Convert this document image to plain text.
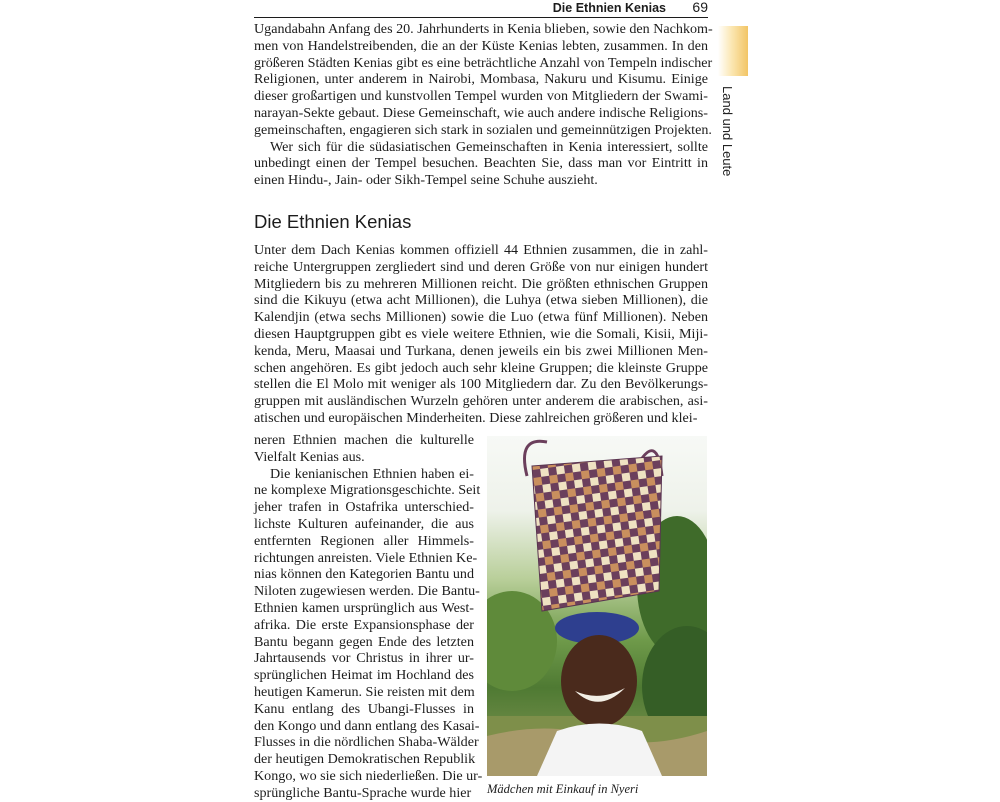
Die Ethnien Kenias 69
Land und Leute

Ugandabahn Anfang des 20. Jahrhunderts in Kenia blieben, sowie den Nachkom-
men von Handelstreibenden, die an der Küste Kenias lebten, zusammen. In den
größeren Städten Kenias gibt es eine beträchtliche Anzahl von Tempeln indischer
Religionen, unter anderem in Nairobi, Mombasa, Nakuru und Kisumu. Einige
dieser großartigen und kunstvollen Tempel wurden von Mitgliedern der Swami-
narayan-Sekte gebaut. Diese Gemeinschaft, wie auch andere indische Religions-
gemeinschaften, engagieren sich stark in sozialen und gemeinnützigen Projekten.

Wer sich für die südasiatischen Gemeinschaften in Kenia interessiert, sollte
unbedingt einen der Tempel besuchen. Beachten Sie, dass man vor Eintritt in
einen Hindu-, Jain- oder Sikh-Tempel seine Schuhe auszieht.

Die Ethnien Kenias

Unter dem Dach Kenias kommen offiziell 44 Ethnien zusammen, die in zahl-
reiche Untergruppen zergliedert sind und deren Größe von nur einigen hundert
Mitgliedern bis zu mehreren Millionen reicht. Die größten ethnischen Gruppen
sind die Kikuyu (etwa acht Millionen), die Luhya (etwa sieben Millionen), die
Kalendjin (etwa sechs Millionen) sowie die Luo (etwa fünf Millionen). Neben
diesen Hauptgruppen gibt es viele weitere Ethnien, wie die Somali, Kisii, Miji-
kenda, Meru, Maasai und Turkana, denen jeweils ein bis zwei Millionen Men-
schen angehören. Es gibt jedoch auch sehr kleine Gruppen; die kleinste Gruppe
stellen die El Molo mit weniger als 100 Mitgliedern dar. Zu den Bevölkerungs-
gruppen mit ausländischen Wurzeln gehören unter anderem die arabischen, asi-
atischen und europäischen Minderheiten. Diese zahlreichen größeren und klei-

neren Ethnien machen die kulturelle
Vielfalt Kenias aus.

Die kenianischen Ethnien haben ei-
ne komplexe Migrationsgeschichte. Seit
jeher trafen in Ostafrika unterschied-
lichste Kulturen aufeinander, die aus
entfernten Regionen aller Himmels-
richtungen anreisten. Viele Ethnien Ke-
nias können den Kategorien Bantu und
Niloten zugewiesen werden. Die Bantu-
Ethnien kamen ursprünglich aus West-
afrika. Die erste Expansionsphase der
Bantu begann gegen Ende des letzten
Jahrtausends vor Christus in ihrer ur-
sprünglichen Heimat im Hochland des
heutigen Kamerun. Sie reisten mit dem
Kanu entlang des Ubangi-Flusses in
den Kongo und dann entlang des Kasai-
Flusses in die nördlichen Shaba-Wälder
der heutigen Demokratischen Republik
Kongo, wo sie sich niederließen. Die ur-
sprüngliche Bantu-Sprache wurde hier Mädchen mit Einkauf in Nyeri
